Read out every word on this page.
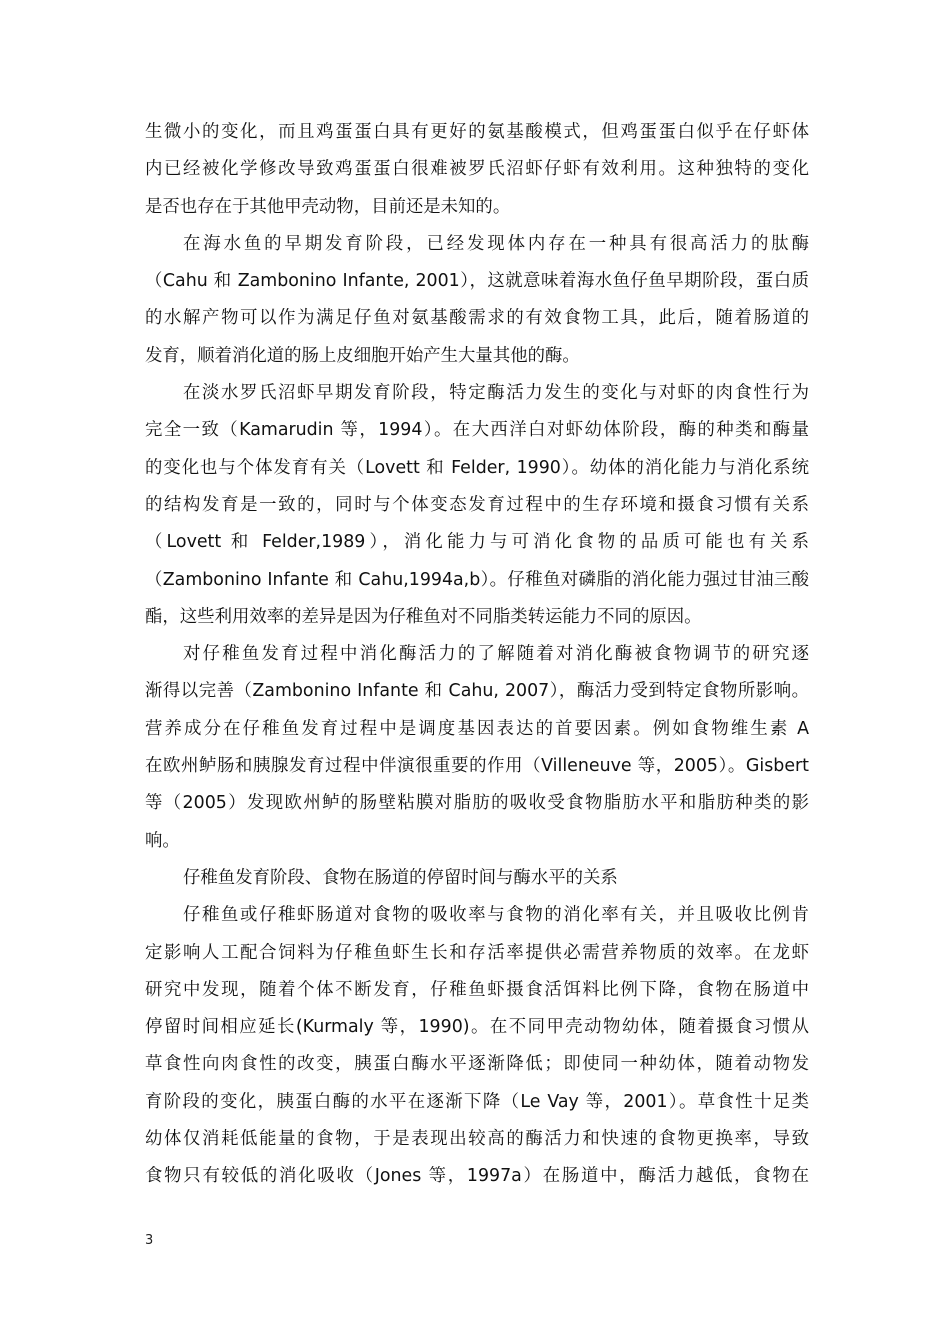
生微小的变化，而且鸡蛋蛋白具有更好的氨基酸模式，但鸡蛋蛋白似乎在仔虾体
内已经被化学修改导致鸡蛋蛋白很难被罗氏沼虾仔虾有效利用。这种独特的变化
是否也存在于其他甲壳动物，目前还是未知的。
在海水鱼的早期发育阶段，已经发现体内存在一种具有很高活力的肽酶
（Cahu 和 Zambonino Infante, 2001），这就意味着海水鱼仔鱼早期阶段，蛋白质
的水解产物可以作为满足仔鱼对氨基酸需求的有效食物工具，此后，随着肠道的
发育，顺着消化道的肠上皮细胞开始产生大量其他的酶。
在淡水罗氏沼虾早期发育阶段，特定酶活力发生的变化与对虾的肉食性行为
完全一致（Kamarudin 等，1994）。在大西洋白对虾幼体阶段，酶的种类和酶量
的变化也与个体发育有关（Lovett 和 Felder, 1990）。幼体的消化能力与消化系统
的结构发育是一致的，同时与个体变态发育过程中的生存环境和摄食习惯有关系
（Lovett 和 Felder,1989），消化能力与可消化食物的品质可能也有关系
（Zambonino Infante 和 Cahu,1994a,b）。仔稚鱼对磷脂的消化能力强过甘油三酸
酯，这些利用效率的差异是因为仔稚鱼对不同脂类转运能力不同的原因。
对仔稚鱼发育过程中消化酶活力的了解随着对消化酶被食物调节的研究逐
渐得以完善（Zambonino Infante 和 Cahu, 2007），酶活力受到特定食物所影响。
营养成分在仔稚鱼发育过程中是调度基因表达的首要因素。例如食物维生素 A
在欧州鲈肠和胰腺发育过程中伴演很重要的作用（Villeneuve 等，2005）。Gisbert
等（2005）发现欧州鲈的肠壁粘膜对脂肪的吸收受食物脂肪水平和脂肪种类的影
响。
仔稚鱼发育阶段、食物在肠道的停留时间与酶水平的关系
仔稚鱼或仔稚虾肠道对食物的吸收率与食物的消化率有关，并且吸收比例肯
定影响人工配合饲料为仔稚鱼虾生长和存活率提供必需营养物质的效率。在龙虾
研究中发现，随着个体不断发育，仔稚鱼虾摄食活饵料比例下降，食物在肠道中
停留时间相应延长(Kurmaly 等，1990)。在不同甲壳动物幼体，随着摄食习惯从
草食性向肉食性的改变，胰蛋白酶水平逐渐降低；即使同一种幼体，随着动物发
育阶段的变化，胰蛋白酶的水平在逐渐下降（Le Vay 等，2001）。草食性十足类
幼体仅消耗低能量的食物，于是表现出较高的酶活力和快速的食物更换率，导致
食物只有较低的消化吸收（Jones 等，1997a）在肠道中，酶活力越低，食物在
3
